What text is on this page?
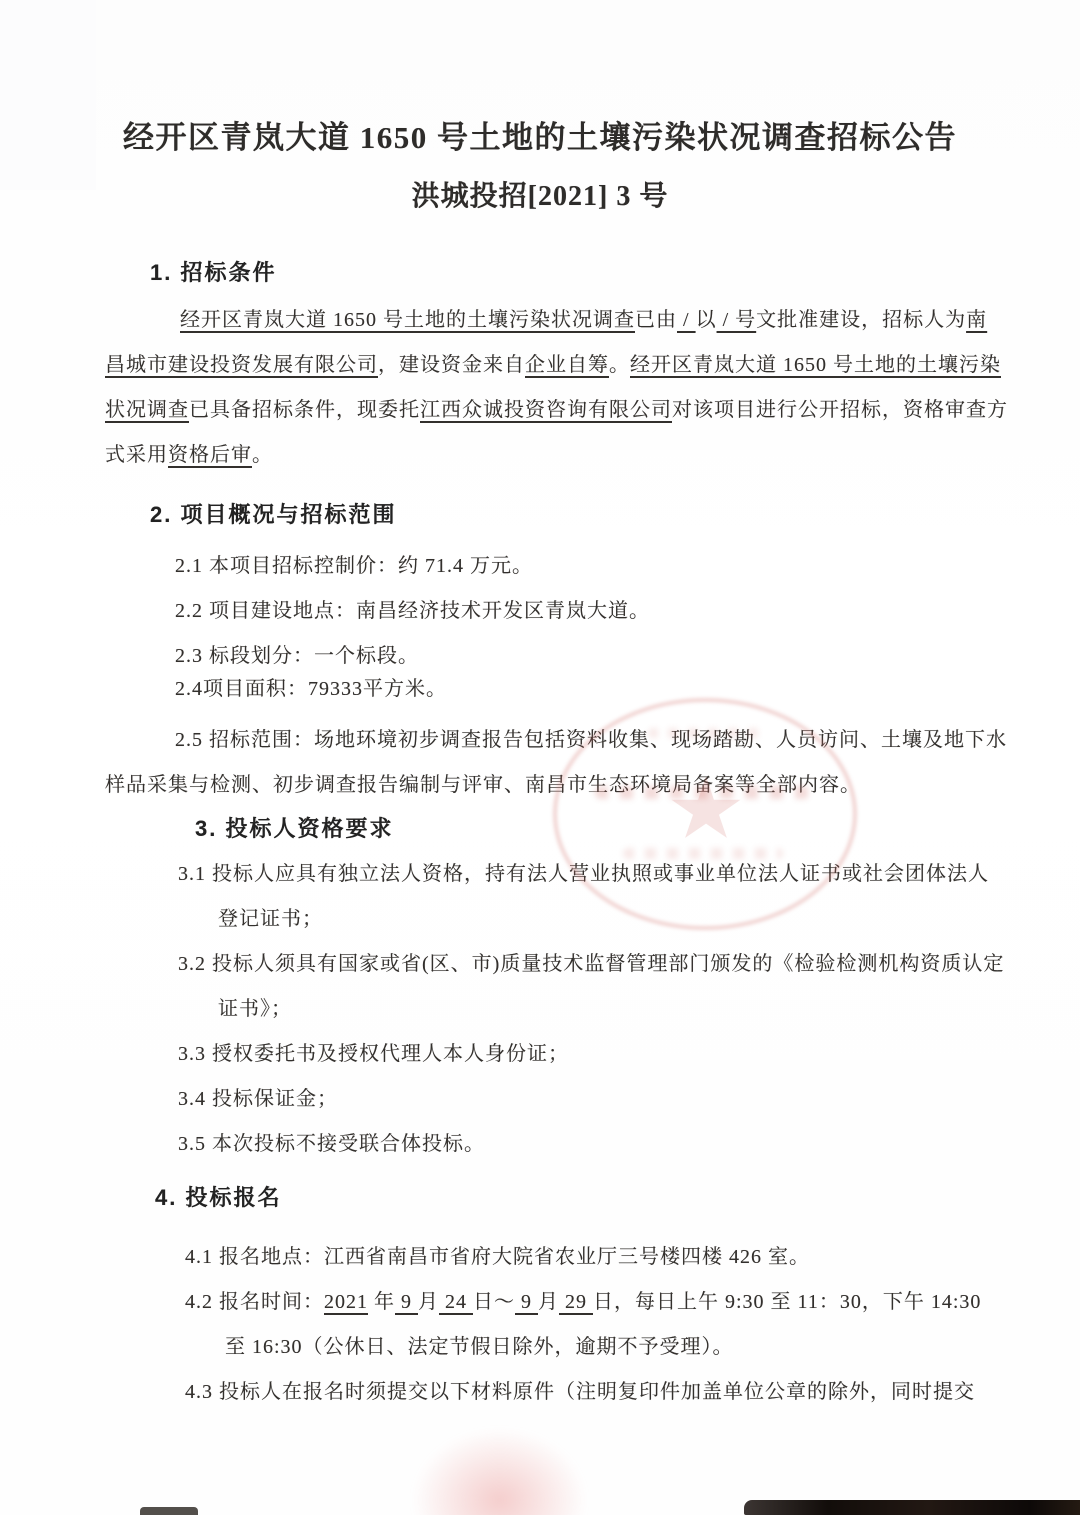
经开区青岚大道 1650 号土地的土壤污染状况调查招标公告
洪城投招[2021] 3 号
1. 招标条件

经开区青岚大道 1650 号土地的土壤污染状况调查已由 / 以 / 号文批准建设，招标人为南昌城市建设投资发展有限公司，建设资金来自企业自筹。经开区青岚大道 1650 号土地的土壤污染状况调查已具备招标条件，现委托江西众诚投资咨询有限公司对该项目进行公开招标，资格审查方式采用资格后审。

2. 项目概况与招标范围

2.1 本项目招标控制价：约 71.4 万元。

2.2 项目建设地点：南昌经济技术开发区青岚大道。

2.3 标段划分：一个标段。

2.4项目面积：79333平方米。

2.5 招标范围：场地环境初步调查报告包括资料收集、现场踏勘、人员访问、土壤及地下水样品采集与检测、初步调查报告编制与评审、南昌市生态环境局备案等全部内容。

3. 投标人资格要求

3.1 投标人应具有独立法人资格，持有法人营业执照或事业单位法人证书或社会团体法人登记证书；

3.2 投标人须具有国家或省(区、市)质量技术监督管理部门颁发的《检验检测机构资质认定证书》；

3.3 授权委托书及授权代理人本人身份证；

3.4 投标保证金；

3.5 本次投标不接受联合体投标。

4. 投标报名

4.1 报名地点：江西省南昌市省府大院省农业厅三号楼四楼 426 室。

4.2 报名时间：2021 年 9 月 24 日～ 9 月 29 日，每日上午 9:30 至 11：30，下午 14:30 至 16:30（公休日、法定节假日除外，逾期不予受理）。

4.3 投标人在报名时须提交以下材料原件（注明复印件加盖单位公章的除外，同时提交
